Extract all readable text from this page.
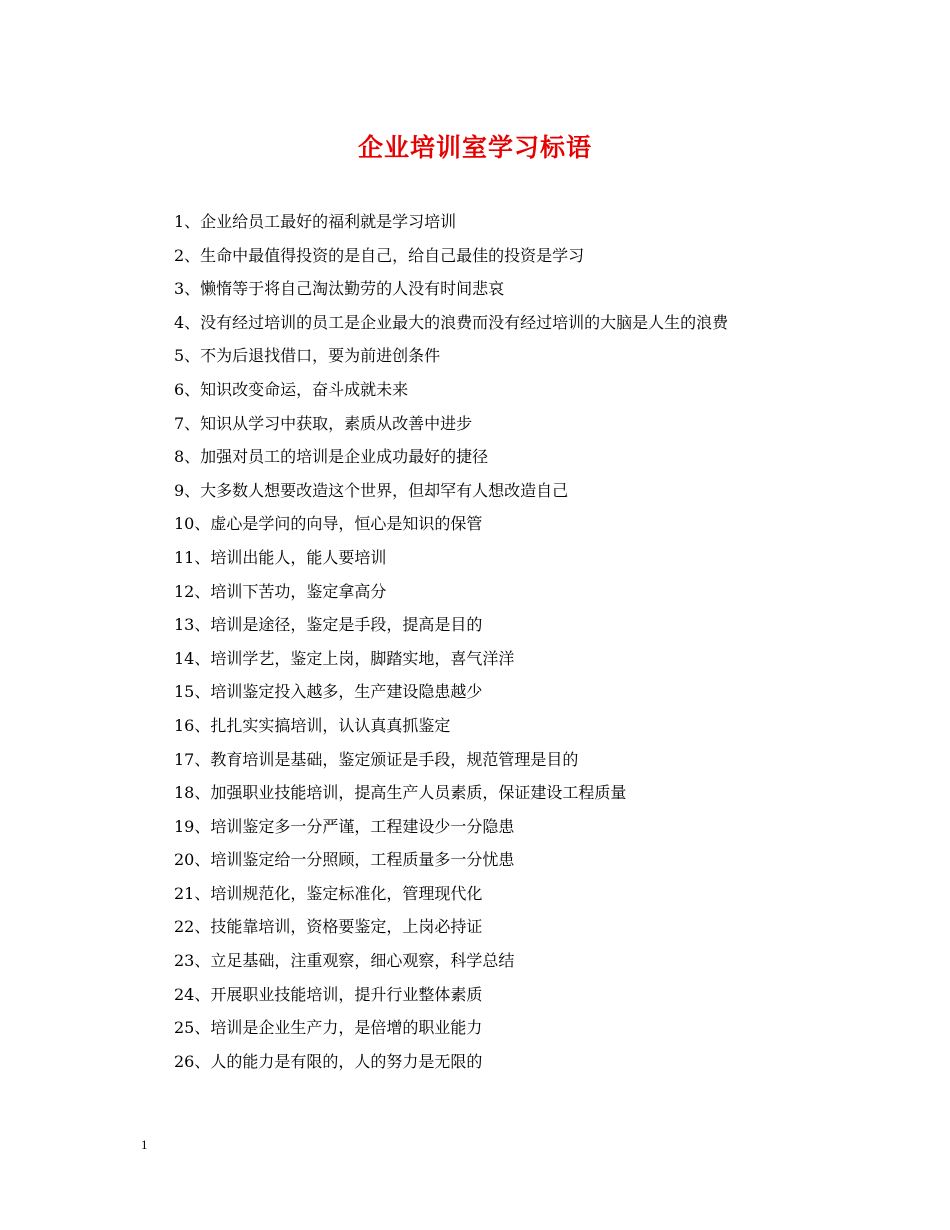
企业培训室学习标语
1、企业给员工最好的福利就是学习培训
2、生命中最值得投资的是自己，给自己最佳的投资是学习
3、懒惰等于将自己淘汰勤劳的人没有时间悲哀
4、没有经过培训的员工是企业最大的浪费而没有经过培训的大脑是人生的浪费
5、不为后退找借口，要为前进创条件
6、知识改变命运，奋斗成就未来
7、知识从学习中获取，素质从改善中进步
8、加强对员工的培训是企业成功最好的捷径
9、大多数人想要改造这个世界，但却罕有人想改造自己
10、虚心是学问的向导，恒心是知识的保管
11、培训出能人，能人要培训
12、培训下苦功，鉴定拿高分
13、培训是途径，鉴定是手段，提高是目的
14、培训学艺，鉴定上岗，脚踏实地，喜气洋洋
15、培训鉴定投入越多，生产建设隐患越少
16、扎扎实实搞培训，认认真真抓鉴定
17、教育培训是基础，鉴定颁证是手段，规范管理是目的
18、加强职业技能培训，提高生产人员素质，保证建设工程质量
19、培训鉴定多一分严谨，工程建设少一分隐患
20、培训鉴定给一分照顾，工程质量多一分忧患
21、培训规范化，鉴定标准化，管理现代化
22、技能靠培训，资格要鉴定，上岗必持证
23、立足基础，注重观察，细心观察，科学总结
24、开展职业技能培训，提升行业整体素质
25、培训是企业生产力，是倍增的职业能力
26、人的能力是有限的，人的努力是无限的
1
